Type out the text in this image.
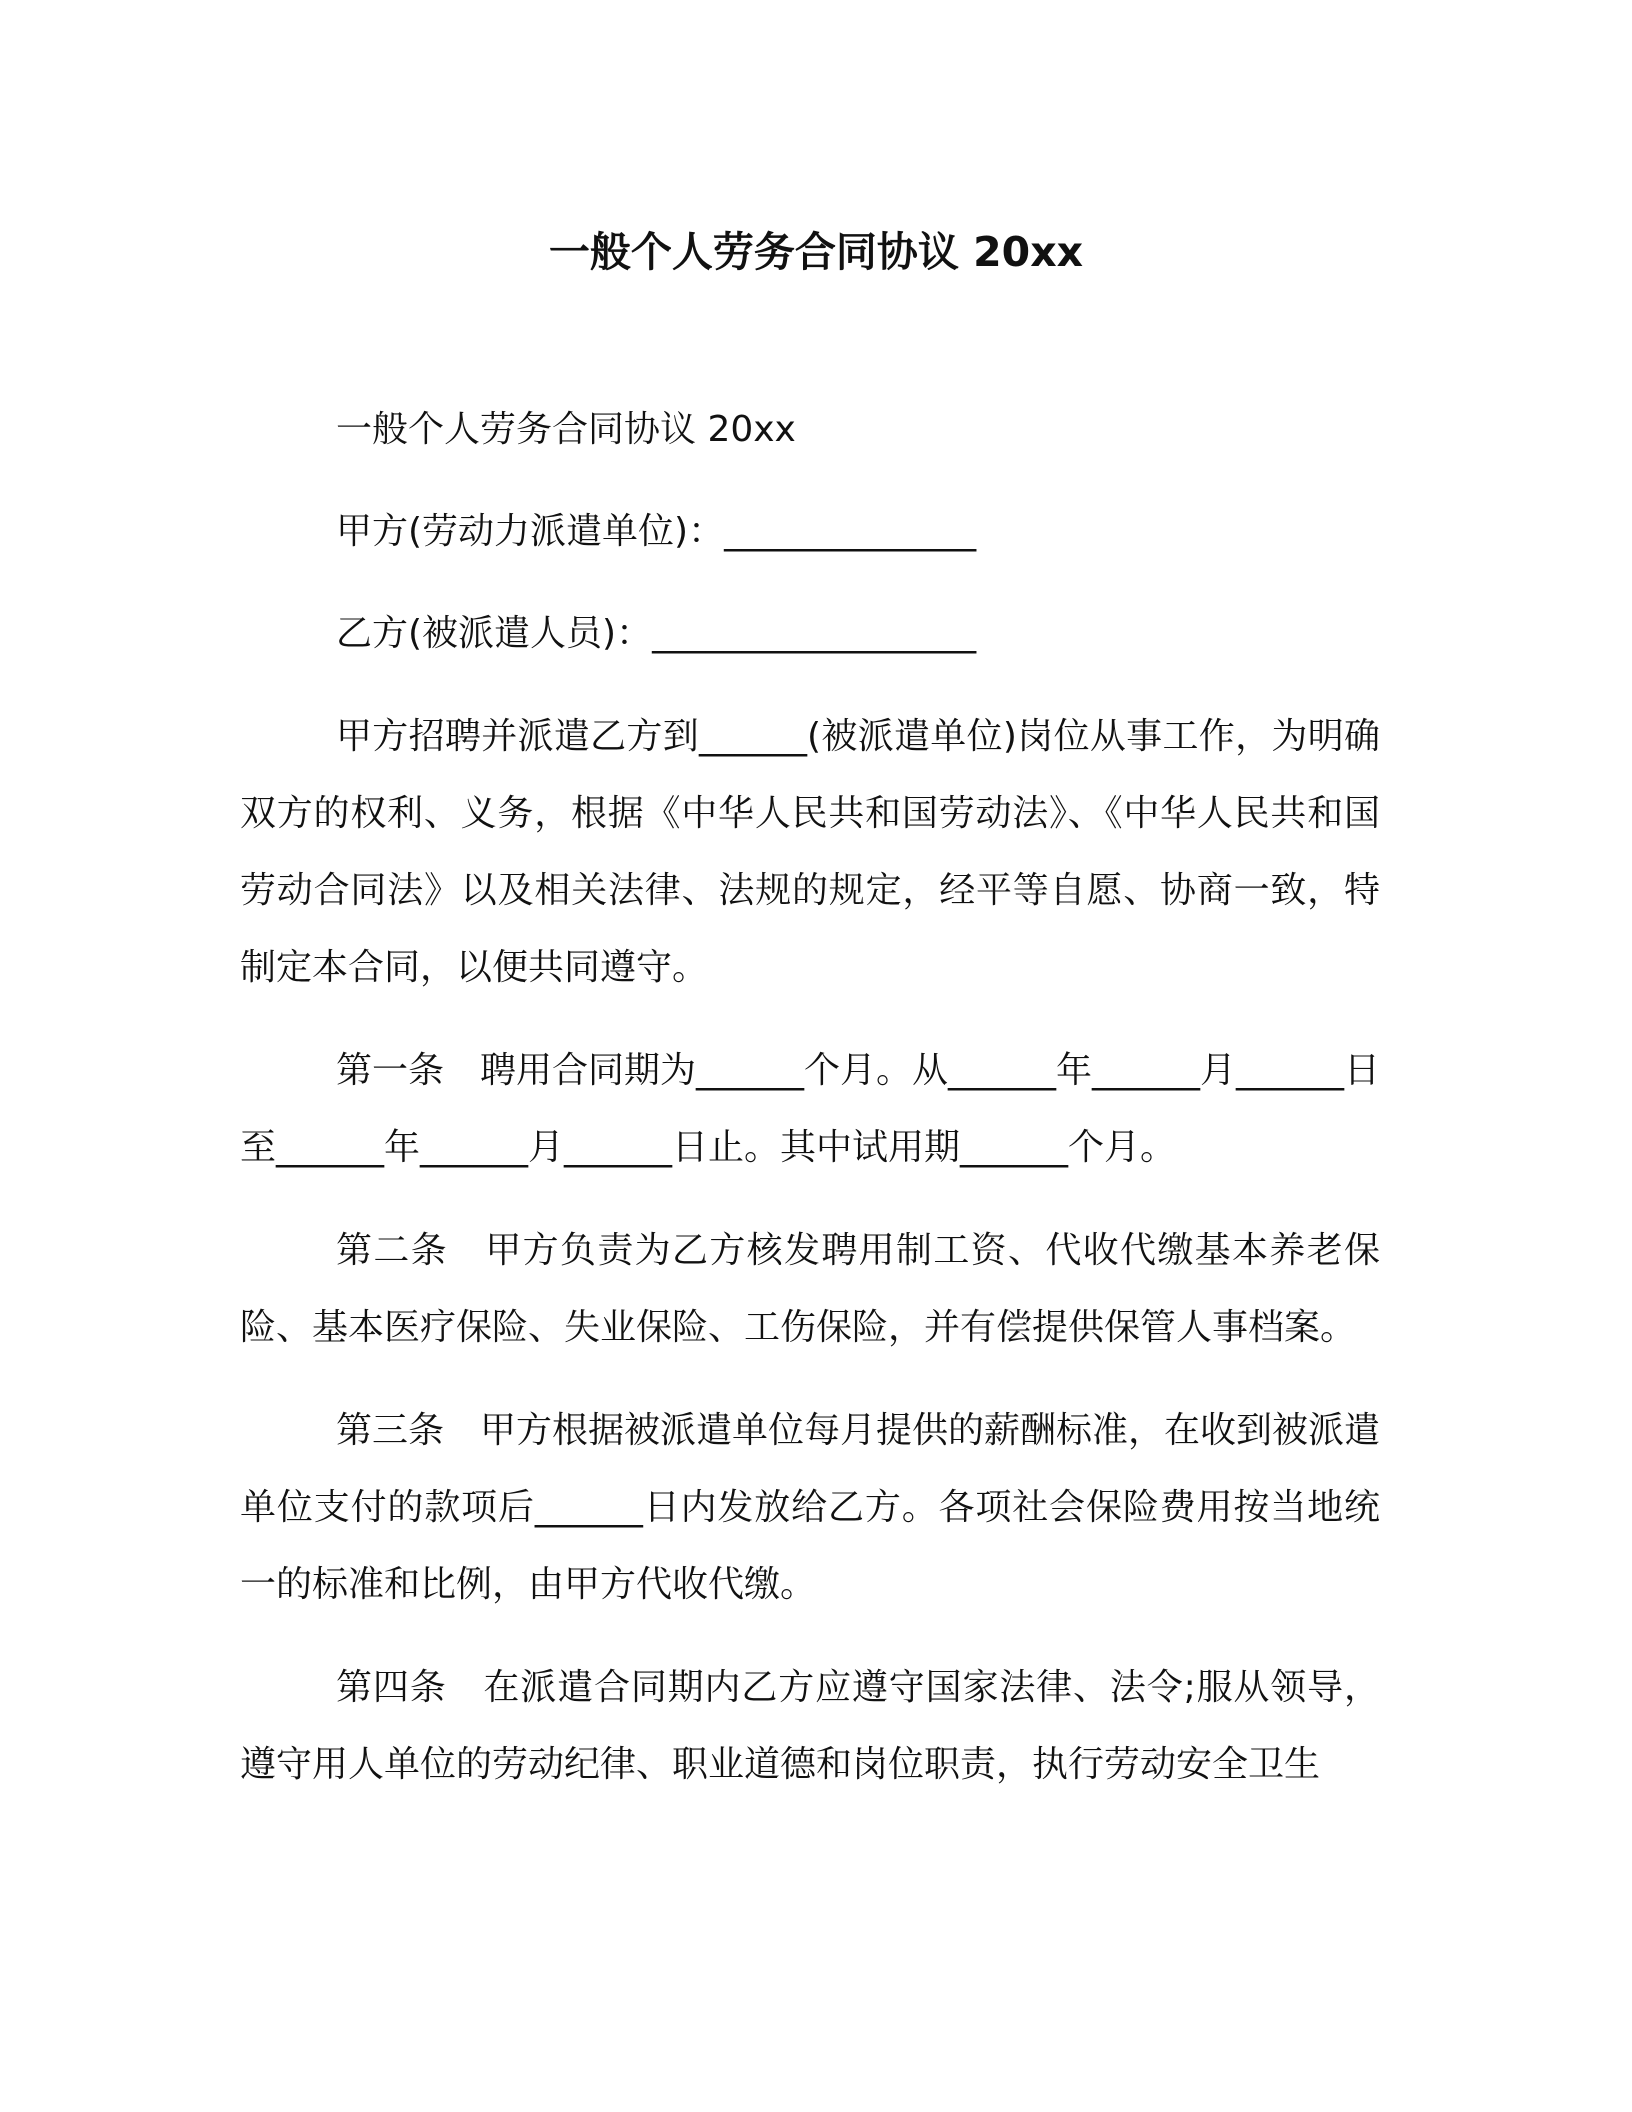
一般个人劳务合同协议 20xx

一般个人劳务合同协议 20xx

甲方(劳动力派遣单位)：______________

乙方(被派遣人员)：__________________

甲方招聘并派遣乙方到______(被派遣单位)岗位从事工作，为明确双方的权利、义务，根据《中华人民共和国劳动法》、《中华人民共和国劳动合同法》以及相关法律、法规的规定，经平等自愿、协商一致，特制定本合同，以便共同遵守。

第一条　聘用合同期为______个月。从______年______月______日至______年______月______日止。其中试用期______个月。

第二条　甲方负责为乙方核发聘用制工资、代收代缴基本养老保险、基本医疗保险、失业保险、工伤保险，并有偿提供保管人事档案。

第三条　甲方根据被派遣单位每月提供的薪酬标准，在收到被派遣单位支付的款项后______日内发放给乙方。各项社会保险费用按当地统一的标准和比例，由甲方代收代缴。

第四条　在派遣合同期内乙方应遵守国家法律、法令;服从领导，遵守用人单位的劳动纪律、职业道德和岗位职责，执行劳动安全卫生
